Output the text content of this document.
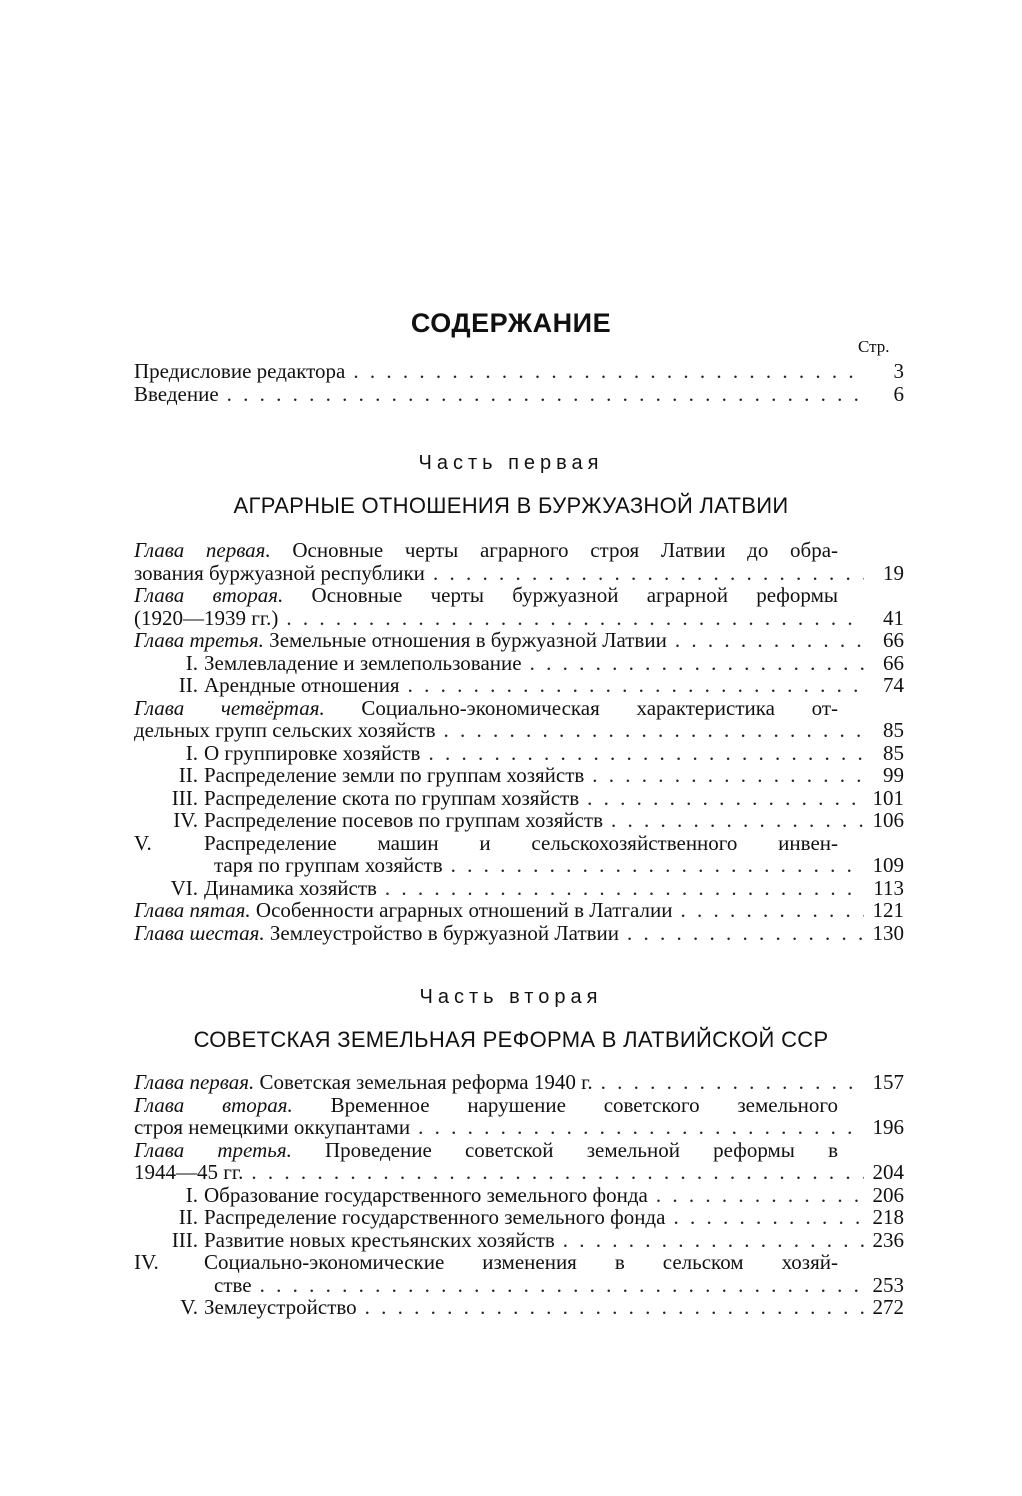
СОДЕРЖАНИЕ
Стр.
Предисловие редактора . . .	3
Введение . . .	6
Часть первая
АГРАРНЫЕ ОТНОШЕНИЯ В БУРЖУАЗНОЙ ЛАТВИИ
Глава первая. Основные черты аграрного строя Латвии до обра-
зования буржуазной республики . . .	19
Глава вторая. Основные черты буржуазной аграрной реформы
(1920—1939 гг.) . . .	41
Глава третья. Земельные отношения в буржуазной Латвии . . .	66
I. Землевладение и землепользование . . .	66
II. Арендные отношения . . .	74
Глава четвёртая. Социально-экономическая характеристика от-
дельных групп сельских хозяйств . . .	85
I. О группировке хозяйств . . .	85
II. Распределение земли по группам хозяйств . . .	99
III. Распределение скота по группам хозяйств . . .	101
IV. Распределение посевов по группам хозяйств . . .	106
V. Распределение машин и сельскохозяйственного инвен-
таря по группам хозяйств . . .	109
VI. Динамика хозяйств . . .	113
Глава пятая. Особенности аграрных отношений в Латгалии . . .	121
Глава шестая. Землеустройство в буржуазной Латвии . . .	130
Часть вторая
СОВЕТСКАЯ ЗЕМЕЛЬНАЯ РЕФОРМА В ЛАТВИЙСКОЙ ССР
Глава первая. Советская земельная реформа 1940 г. . . .	157
Глава вторая. Временное нарушение советского земельного
строя немецкими оккупантами . . .	196
Глава третья. Проведение советской земельной реформы в
1944—45 гг. . . .	204
I. Образование государственного земельного фонда . . .	206
II. Распределение государственного земельного фонда . . .	218
III. Развитие новых крестьянских хозяйств . . .	236
IV. Социально-экономические изменения в сельском хозяй-
стве . . .	253
V. Землеустройство . . .	272
